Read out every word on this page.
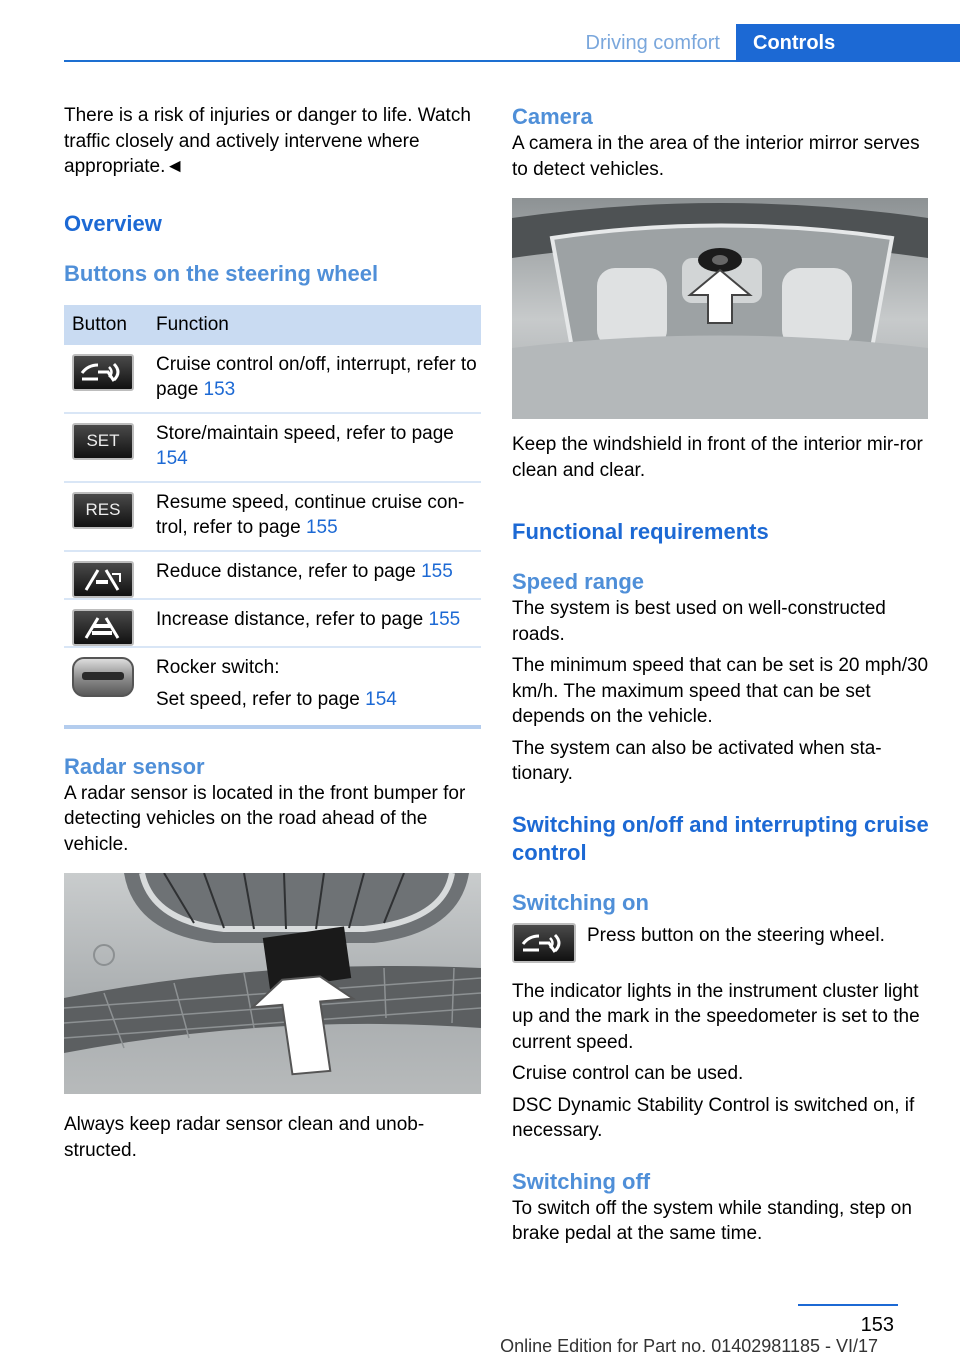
Driving comfort	Controls

There is a risk of injuries or danger to life. Watch traffic closely and actively intervene where appropriate.◄

Overview
Buttons on the steering wheel
Button	Function

	Cruise control on/off, interrupt, refer to page 153

SET	Store/maintain speed, refer to page 154

RES	Resume speed, continue cruise con‐trol, refer to page 155

	Reduce distance, refer to page 155

	Increase distance, refer to page 155

	Rocker switch:
Set speed, refer to page 154
Radar sensor

A radar sensor is located in the front bumper for detecting vehicles on the road ahead of the vehicle.

Always keep radar sensor clean and unob‐structed.

Camera

A camera in the area of the interior mirror serves to detect vehicles.

Keep the windshield in front of the interior mir‐ror clean and clear.

Functional requirements
Speed range

The system is best used on well-constructed roads.

The minimum speed that can be set is 20 mph/30 km/h. The maximum speed that can be set depends on the vehicle.

The system can also be activated when sta‐tionary.

Switching on/off and interrupting cruise control
Switching on

Press button on the steering wheel.

The indicator lights in the instrument cluster light up and the mark in the speedometer is set to the current speed.

Cruise control can be used.

DSC Dynamic Stability Control is switched on, if necessary.

Switching off

To switch off the system while standing, step on brake pedal at the same time.

153
Online Edition for Part no. 01402981185 - VI/17
